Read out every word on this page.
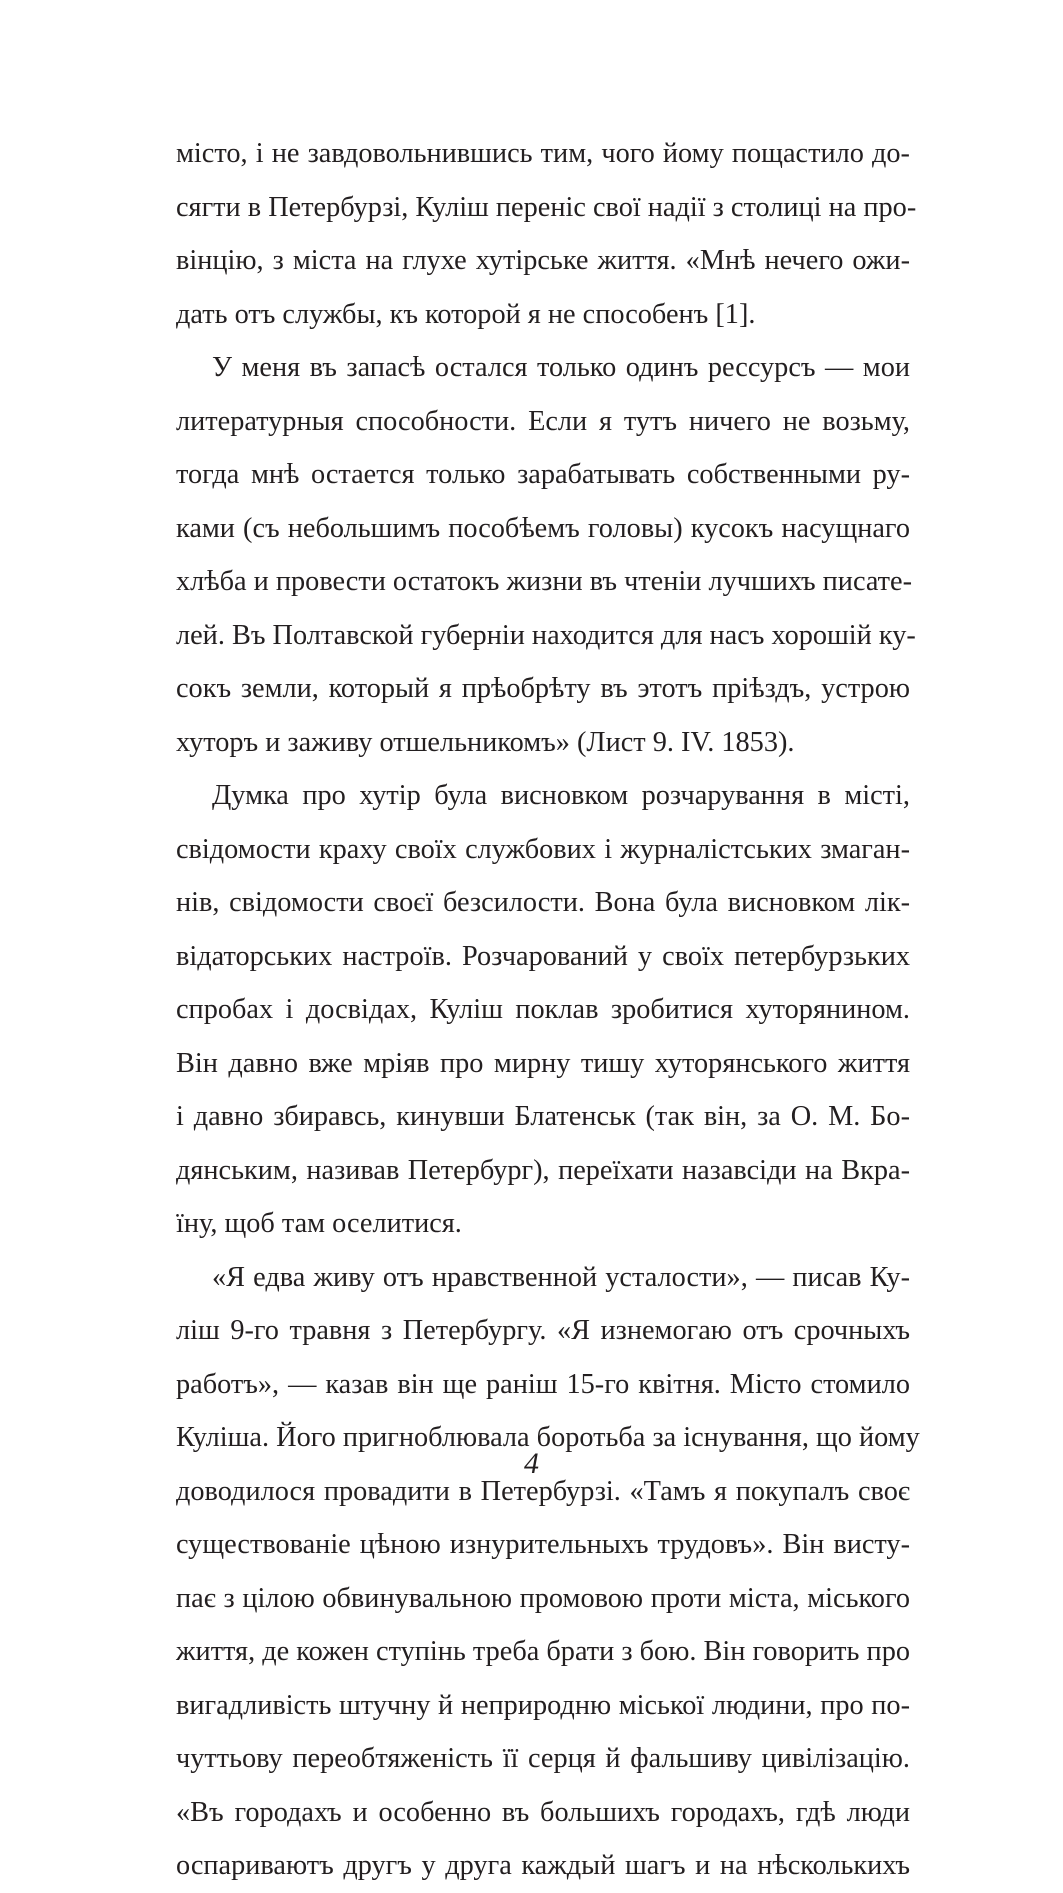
місто, і не завдовольнившись тим, чого йому пощастило до-
сягти в Петербурзі, Куліш переніс свої надії з столиці на про-
вінцію, з міста на глухе хутірське життя. «Мнѣ нечего ожи-
дать отъ службы, къ которой я не способенъ [1].

У меня въ запасѣ остался только одинъ рессурсъ — мои
литературныя способности. Если я тутъ ничего не возьму,
тогда мнѣ остается только зарабатывать собственными ру-
ками (съ небольшимъ пособѣемъ головы) кусокъ насущнаго
хлѣба и провести остатокъ жизни въ чтеніи лучшихъ писате-
лей. Въ Полтавской губерніи находится для насъ хорошій ку-
сокъ земли, который я прѣобрѣту въ этотъ пріѣздъ, устрою
хуторъ и заживу отшельникомъ» (Лист 9. IV. 1853).

Думка про хутір була висновком розчарування в місті,
свідомости краху своїх службових і журналістських змаган-
нів, свідомости своєї безсилости. Вона була висновком лік-
відаторських настроїв. Розчарований у своїх петербурзьких
спробах і досвідах, Куліш поклав зробитися хуторянином.
Він давно вже мріяв про мирну тишу хуторянського життя
і давно збиравсь, кинувши Блатенськ (так він, за О. М. Бо-
дянським, називав Петербург), переїхати назавсіди на Вкра-
їну, щоб там оселитися.

«Я едва живу отъ нравственной усталости», — писав Ку-
ліш 9-го травня з Петербургу. «Я изнемогаю отъ срочныхъ
работъ», — казав він ще раніш 15-го квітня. Місто стомило
Куліша. Його пригноблювала боротьба за існування, що йому
доводилося провадити в Петербурзі. «Тамъ я покупалъ своє
существованіе цѣною изнурительныхъ трудовъ». Він висту-
пає з цілою обвинувальною промовою проти міста, міського
життя, де кожен ступінь треба брати з бою. Він говорить про
вигадливість штучну й неприродню міської людини, про по-
чуттьову переобтяженість її серця й фальшиву цивілізацію.
«Въ городахъ и особенно въ большихъ городахъ, гдѣ люди
оспариваютъ другъ у друга каждый шагъ и на нѣсколькихъ

4
